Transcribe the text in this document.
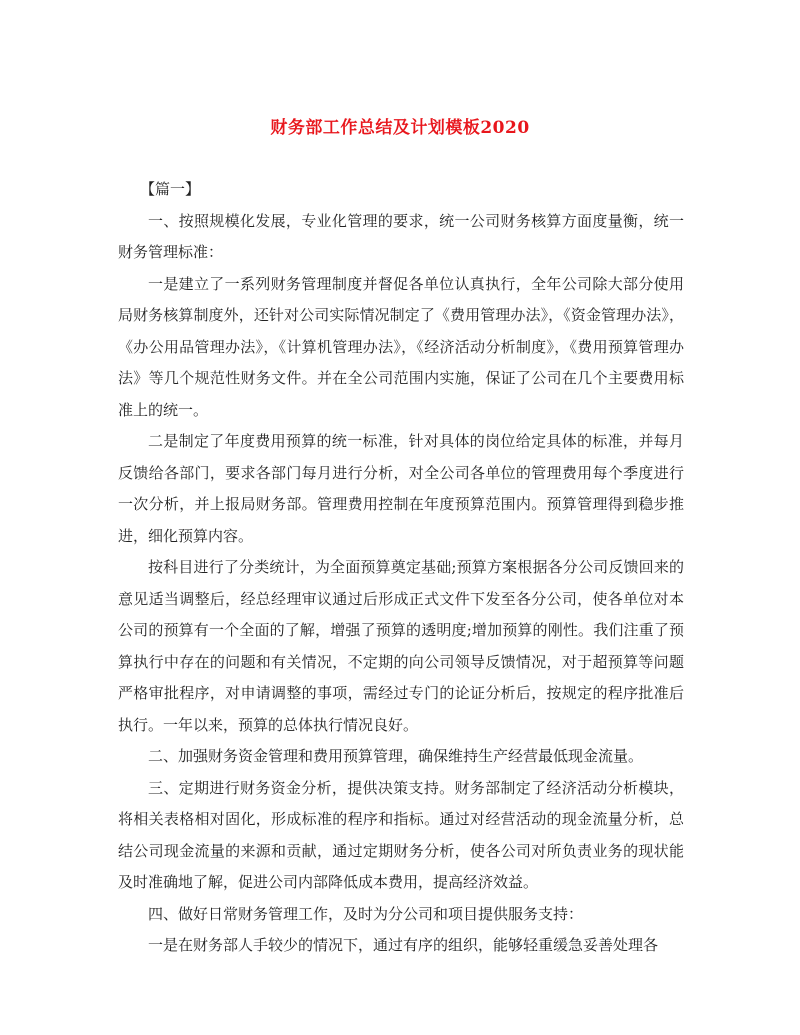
财务部工作总结及计划模板2020

【篇一】

一、按照规模化发展，专业化管理的要求，统一公司财务核算方面度量衡，统一财务管理标准：

一是建立了一系列财务管理制度并督促各单位认真执行，全年公司除大部分使用局财务核算制度外，还针对公司实际情况制定了《费用管理办法》，《资金管理办法》，《办公用品管理办法》，《计算机管理办法》，《经济活动分析制度》，《费用预算管理办法》等几个规范性财务文件。并在全公司范围内实施，保证了公司在几个主要费用标准上的统一。

二是制定了年度费用预算的统一标准，针对具体的岗位给定具体的标准，并每月反馈给各部门，要求各部门每月进行分析，对全公司各单位的管理费用每个季度进行一次分析，并上报局财务部。管理费用控制在年度预算范围内。预算管理得到稳步推进，细化预算内容。

按科目进行了分类统计，为全面预算奠定基础;预算方案根据各分公司反馈回来的意见适当调整后，经总经理审议通过后形成正式文件下发至各分公司，使各单位对本公司的预算有一个全面的了解，增强了预算的透明度;增加预算的刚性。我们注重了预算执行中存在的问题和有关情况，不定期的向公司领导反馈情况，对于超预算等问题严格审批程序，对申请调整的事项，需经过专门的论证分析后，按规定的程序批准后执行。一年以来，预算的总体执行情况良好。

二、加强财务资金管理和费用预算管理，确保维持生产经营最低现金流量。

三、定期进行财务资金分析，提供决策支持。财务部制定了经济活动分析模块，将相关表格相对固化，形成标准的程序和指标。通过对经营活动的现金流量分析，总结公司现金流量的来源和贡献，通过定期财务分析，使各公司对所负责业务的现状能及时准确地了解，促进公司内部降低成本费用，提高经济效益。

四、做好日常财务管理工作，及时为分公司和项目提供服务支持：

一是在财务部人手较少的情况下，通过有序的组织，能够轻重缓急妥善处理各
